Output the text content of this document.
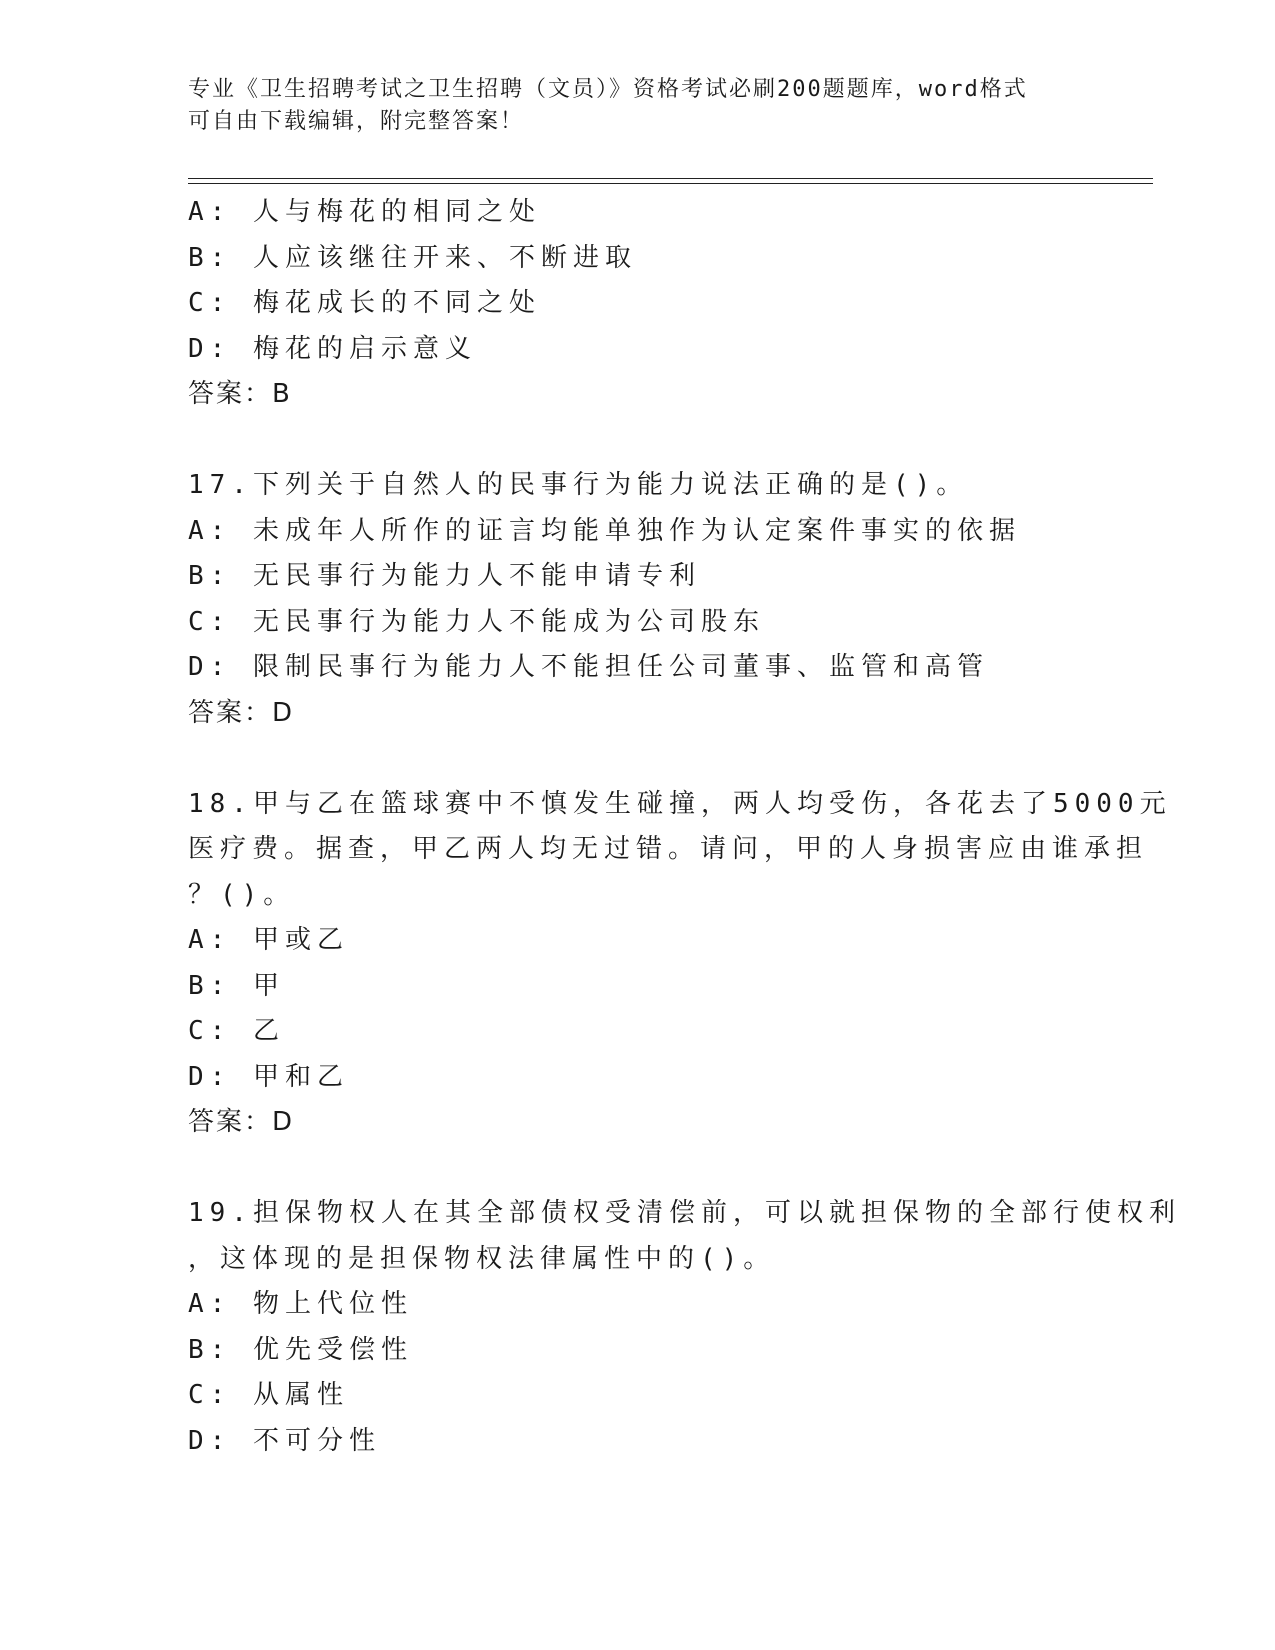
专业《卫生招聘考试之卫生招聘（文员）》资格考试必刷200题题库，word格式
可自由下载编辑，附完整答案！
A: 人与梅花的相同之处
B: 人应该继往开来、不断进取
C: 梅花成长的不同之处
D: 梅花的启示意义
答案：B
17.下列关于自然人的民事行为能力说法正确的是()。
A: 未成年人所作的证言均能单独作为认定案件事实的依据
B: 无民事行为能力人不能申请专利
C: 无民事行为能力人不能成为公司股东
D: 限制民事行为能力人不能担任公司董事、监管和高管
答案：D
18.甲与乙在篮球赛中不慎发生碰撞，两人均受伤，各花去了5000元
医疗费。据查，甲乙两人均无过错。请问，甲的人身损害应由谁承担
？()。
A: 甲或乙
B: 甲
C: 乙
D: 甲和乙
答案：D
19.担保物权人在其全部债权受清偿前，可以就担保物的全部行使权利
，这体现的是担保物权法律属性中的()。
A: 物上代位性
B: 优先受偿性
C: 从属性
D: 不可分性
